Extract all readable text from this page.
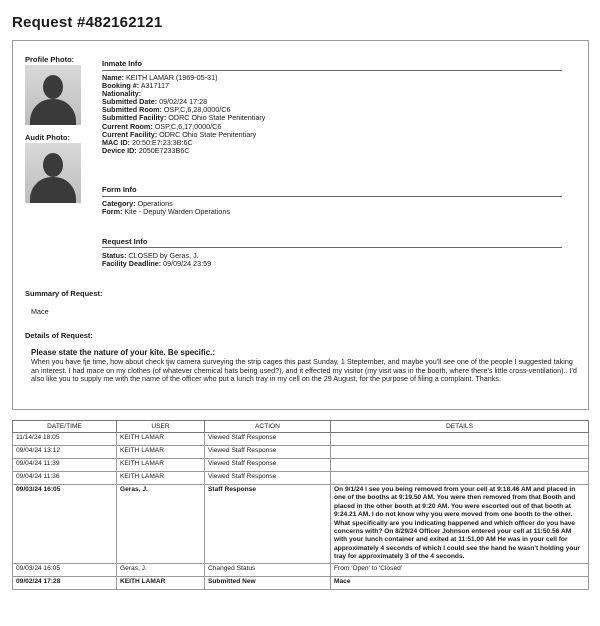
Request #482162121
Profile Photo:
Audit Photo:
Inmate Info
Name: KEITH LAMAR (1969-05-31)
Booking #: A317117
Nationality:
Submitted Date: 09/02/24 17:28
Submitted Room: OSP,C,6,28,0000/C6
Submitted Facility: ODRC Ohio State Penitentiary
Current Room: OSP,C,6,17,0000/C6
Current Facility: ODRC Ohio State Penitentiary
MAC ID: 20:50:E7:23:3B:6C
Device ID: 2050E7233B6C
Form Info
Category: Operations
Form: Kite - Deputy Warden Operations
Request Info
Status: CLOSED by Geras, J.
Facility Deadline: 09/09/24 23:59
Summary of Request:
Mace
Details of Request:
Please state the nature of your kite. Be specific.:
When you have fje time, how about check tjw camera surveying the strip cages this past Sunday, 1 Steptember, and maybe you'll see one of the people I suggested taking an interest. I had mace on my clothes (of whatever chemical hats being used?), and it effected my visitor (my visit was in the booth, where there's little cross-ventilation).. I'd also like you to supply me with the name of the officer who put a lunch tray in my cell on the 29 August, for the purpose of filing a complaint. Thanks.
DATE/TIME	USER	ACTION	DETAILS
11/14/24 18:05	KEITH LAMAR	Viewed Staff Response	
09/04/24 13:12	KEITH LAMAR	Viewed Staff Response	
09/04/24 11:39	KEITH LAMAR	Viewed Staff Response	
09/04/24 11:36	KEITH LAMAR	Viewed Staff Response	
09/03/24 16:05	Geras, J.	Staff Response	On 9/1/24 I see you being removed from your cell at 9:18.46 AM and placed in one of the booths at 9:19.50 AM. You were then removed from that Booth and placed in the other booth at 9:20 AM. You were escorted out of that booth at 9:24.21 AM. I do not know why you were moved from one booth to the other. What specifically are you indicating happened and which officer do you have concerns with? On 8/29/24 Officer Johnson entered your cell at 11:50.56 AM with your lunch container and exited at 11:51.00 AM He was in your cell for approximately 4 seconds of which I could see the hand he wasn't holding your tray for approximately 3 of the 4 seconds.
09/03/24 16:05	Geras, J.	Changed Status	From 'Open' to 'Closed'
09/02/24 17:28	KEITH LAMAR	Submitted New	Mace
